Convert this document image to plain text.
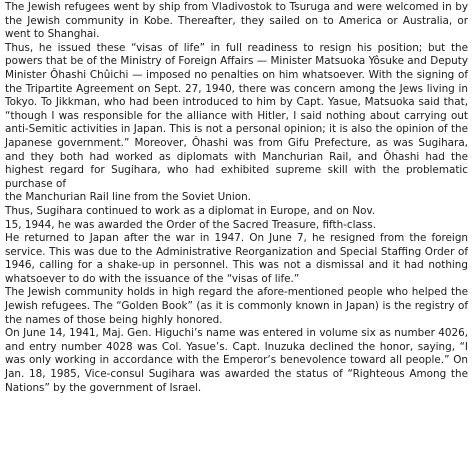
The Jewish refugees went by ship from Vladivostok to Tsuruga and were welcomed in by the Jewish community in Kobe. Thereafter, they sailed on to America or Australia, or went to Shanghai.

Thus, he issued these “visas of life” in full readiness to resign his position; but the powers that be of the Ministry of Foreign Affairs — Minister Matsuoka Yôsuke and Deputy Minister Ôhashi Chûichi — imposed no penalties on him whatsoever. With the signing of the Tripartite Agreement on Sept. 27, 1940, there was concern among the Jews living in Tokyo. To Jikkman, who had been introduced to him by Capt. Yasue, Matsuoka said that, “though I was responsible for the alliance with Hitler, I said nothing about carrying out anti-Semitic activities in Japan. This is not a personal opinion; it is also the opinion of the Japanese government.” Moreover, Ôhashi was from Gifu Prefecture, as was Sugihara, and they both had worked as diplomats with Manchurian Rail, and Ôhashi had the highest regard for Sugihara, who had exhibited supreme skill with the problematic purchase of

the Manchurian Rail line from the Soviet Union.

Thus, Sugihara continued to work as a diplomat in Europe, and on Nov.

15, 1944, he was awarded the Order of the Sacred Treasure, fifth-class.

He returned to Japan after the war in 1947. On June 7, he resigned from the foreign service. This was due to the Administrative Reorganization and Special Staffing Order of 1946, calling for a shake-up in personnel. This was not a dismissal and it had nothing whatsoever to do with the issuance of the “visas of life.”

The Jewish community holds in high regard the afore-mentioned people who helped the Jewish refugees. The “Golden Book” (as it is commonly known in Japan) is the registry of the names of those being highly honored.

On June 14, 1941, Maj. Gen. Higuchi’s name was entered in volume six as number 4026, and entry number 4028 was Col. Yasue’s. Capt. Inuzuka declined the honor, saying, “I was only working in accordance with the Emperor’s benevolence toward all people.” On Jan. 18, 1985, Vice-consul Sugihara was awarded the status of “Righteous Among the Nations” by the government of Israel.
